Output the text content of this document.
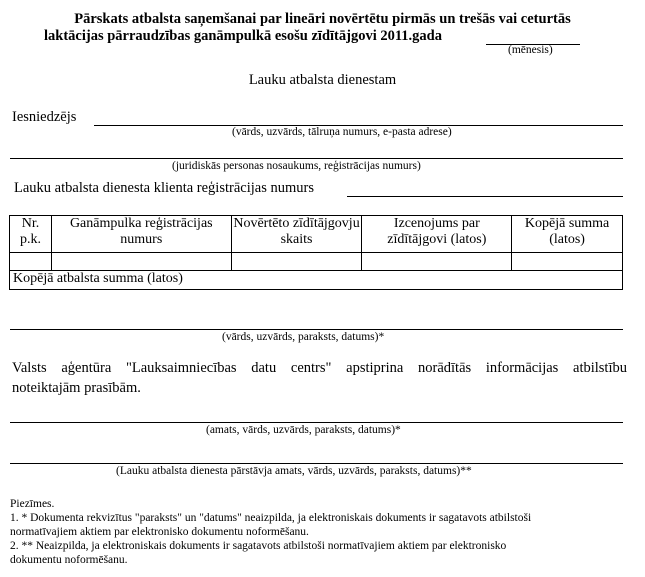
Pārskats atbalsta saņemšanai par lineāri novērtētu pirmās un trešās vai ceturtās
laktācijas pārraudzības ganāmpulkā esošu zīdītājgovi 2011.gada
(mēnesis)
Lauku atbalsta dienestam
Iesniedzējs
(vārds, uzvārds, tālruņa numurs, e-pasta adrese)
(juridiskās personas nosaukums, reģistrācijas numurs)
Lauku atbalsta dienesta klienta reģistrācijas numurs
Nr. p.k.	Ganāmpulka reģistrācijas numurs	Novērtēto zīdītājgovju skaits	Izcenojums par zīdītājgovi (latos)	Kopējā summa (latos)

Kopējā atbalsta summa (latos)				
(vārds, uzvārds, paraksts, datums)*
Valsts aģentūra "Lauksaimniecības datu centrs" apstiprina norādītās informācijas atbilstību
noteiktajām prasībām.
(amats, vārds, uzvārds, paraksts, datums)*
(Lauku atbalsta dienesta pārstāvja amats, vārds, uzvārds, paraksts, datums)**
Piezīmes.
1. * Dokumenta rekvizītus "paraksts" un "datums" neaizpilda, ja elektroniskais dokuments ir sagatavots atbilstoši
normatīvajiem aktiem par elektronisko dokumentu noformēšanu.
2. ** Neaizpilda, ja elektroniskais dokuments ir sagatavots atbilstoši normatīvajiem aktiem par elektronisko
dokumentu noformēšanu.
